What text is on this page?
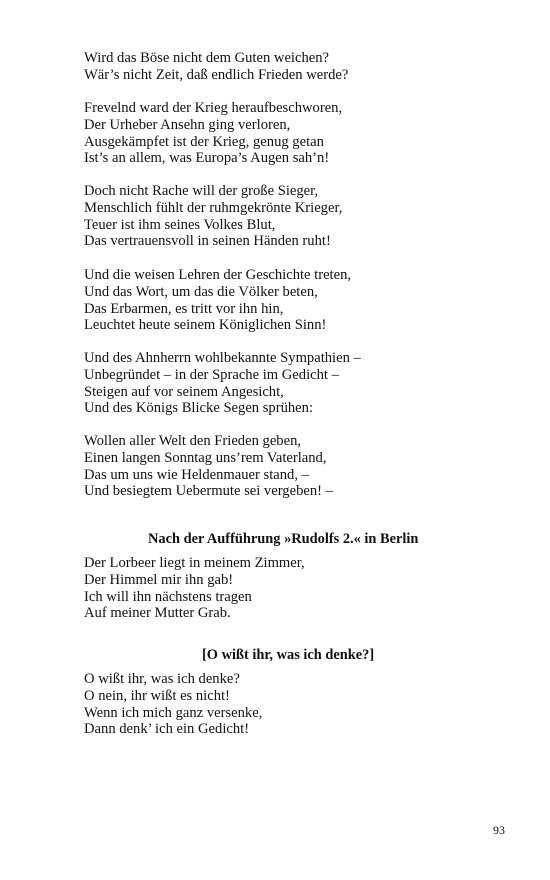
Wird das Böse nicht dem Guten weichen?
Wär’s nicht Zeit, daß endlich Frieden werde?
Frevelnd ward der Krieg heraufbeschworen,
Der Urheber Ansehn ging verloren,
Ausgekämpfet ist der Krieg, genug getan
Ist’s an allem, was Europa’s Augen sah’n!
Doch nicht Rache will der große Sieger,
Menschlich fühlt der ruhmgekrönte Krieger,
Teuer ist ihm seines Volkes Blut,
Das vertrauensvoll in seinen Händen ruht!
Und die weisen Lehren der Geschichte treten,
Und das Wort, um das die Völker beten,
Das Erbarmen, es tritt vor ihn hin,
Leuchtet heute seinem Königlichen Sinn!
Und des Ahnherrn wohlbekannte Sympathien –
Unbegründet – in der Sprache im Gedicht –
Steigen auf vor seinem Angesicht,
Und des Königs Blicke Segen sprühen:
Wollen aller Welt den Frieden geben,
Einen langen Sonntag uns’rem Vaterland,
Das um uns wie Heldenmauer stand, –
Und besiegtem Uebermute sei vergeben! –
Nach der Aufführung »Rudolfs 2.« in Berlin
Der Lorbeer liegt in meinem Zimmer,
Der Himmel mir ihn gab!
Ich will ihn nächstens tragen
Auf meiner Mutter Grab.
[O wißt ihr, was ich denke?]
O wißt ihr, was ich denke?
O nein, ihr wißt es nicht!
Wenn ich mich ganz versenke,
Dann denk’ ich ein Gedicht!
93
